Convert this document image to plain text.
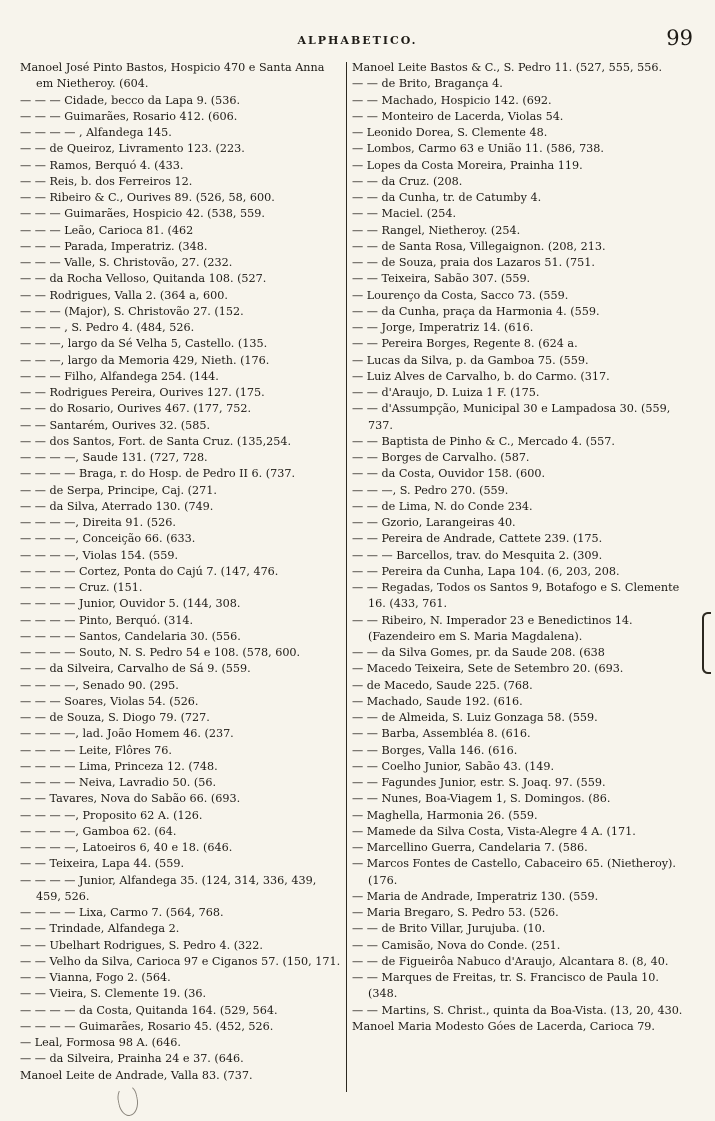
ALPHABETICO.	99
Manoel José Pinto Bastos, Hospicio 470 e Santa Anna em Nietheroy. (604.
— — — Cidade, becco da Lapa 9. (536.
— — — Guimarães, Rosario 412. (606.
— — — — , Alfandega 145.
— — de Queiroz, Livramento 123. (223.
— — Ramos, Berquó 4. (433.
— — Reis, b. dos Ferreiros 12.
— — Ribeiro & C., Ourives 89. (526, 58, 600.
— — — Guimarães, Hospicio 42. (538, 559.
— — — Leão, Carioca 81. (462
— — — Parada, Imperatriz. (348.
— — — Valle, S. Christovão, 27. (232.
— — da Rocha Velloso, Quitanda 108. (527.
— — Rodrigues, Valla 2. (364 a, 600.
— — — (Major), S. Christovão 27. (152.
— — — , S. Pedro 4. (484, 526.
— — —, largo da Sé Velha 5, Castello. (135.
— — —, largo da Memoria 429, Nieth. (176.
— — — Filho, Alfandega 254. (144.
— — Rodrigues Pereira, Ourives 127. (175.
— — do Rosario, Ourives 467. (177, 752.
— — Santarém, Ourives 32. (585.
— — dos Santos, Fort. de Santa Cruz. (135,254.
— — — —, Saude 131. (727, 728.
— — — — Braga, r. do Hosp. de Pedro II 6. (737.
— — de Serpa, Principe, Caj. (271.
— — da Silva, Aterrado 130. (749.
— — — —, Direita 91. (526.
— — — —, Conceição 66. (633.
— — — —, Violas 154. (559.
— — — — Cortez, Ponta do Cajú 7. (147, 476.
— — — — Cruz. (151.
— — — — Junior, Ouvidor 5. (144, 308.
— — — — Pinto, Berquó. (314.
— — — — Santos, Candelaria 30. (556.
— — — — Souto, N. S. Pedro 54 e 108. (578, 600.
— — da Silveira, Carvalho de Sá 9. (559.
— — — —, Senado 90. (295.
— — — Soares, Violas 54. (526.
— — de Souza, S. Diogo 79. (727.
— — — —, lad. João Homem 46. (237.
— — — — Leite, Flôres 76.
— — — — Lima, Princeza 12. (748.
— — — — Neiva, Lavradio 50. (56.
— — Tavares, Nova do Sabão 66. (693.
— — — —, Proposito 62 A. (126.
— — — —, Gamboa 62. (64.
— — — —, Latoeiros 6, 40 e 18. (646.
— — Teixeira, Lapa 44. (559.
— — — — Junior, Alfandega 35. (124, 314, 336, 439, 459, 526.
— — — — Lixa, Carmo 7. (564, 768.
— — Trindade, Alfandega 2.
— — Ubelhart Rodrigues, S. Pedro 4. (322.
— — Velho da Silva, Carioca 97 e Ciganos 57. (150, 171.
— — Vianna, Fogo 2. (564.
— — Vieira, S. Clemente 19. (36.
— — — — da Costa, Quitanda 164. (529, 564.
— — — — Guimarães, Rosario 45. (452, 526.
— Leal, Formosa 98 A. (646.
— — da Silveira, Prainha 24 e 37. (646.
Manoel Leite de Andrade, Valla 83. (737.
Manoel Leite Bastos & C., S. Pedro 11. (527, 555, 556.
— — de Brito, Bragança 4.
— — Machado, Hospicio 142. (692.
— — Monteiro de Lacerda, Violas 54.
— Leonido Dorea, S. Clemente 48.
— Lombos, Carmo 63 e União 11. (586, 738.
— Lopes da Costa Moreira, Prainha 119.
— — da Cruz. (208.
— — da Cunha, tr. de Catumby 4.
— — Maciel. (254.
— — Rangel, Nietheroy. (254.
— — de Santa Rosa, Villegaignon. (208, 213.
— — de Souza, praia dos Lazaros 51. (751.
— — Teixeira, Sabão 307. (559.
— Lourenço da Costa, Sacco 73. (559.
— — da Cunha, praça da Harmonia 4. (559.
— — Jorge, Imperatriz 14. (616.
— — Pereira Borges, Regente 8. (624 a.
— Lucas da Silva, p. da Gamboa 75. (559.
— Luiz Alves de Carvalho, b. do Carmo. (317.
— — d'Araujo, D. Luiza 1 F. (175.
— — d'Assumpção, Municipal 30 e Lampadosa 30. (559, 737.
— — Baptista de Pinho & C., Mercado 4. (557.
— — Borges de Carvalho. (587.
— — da Costa, Ouvidor 158. (600.
— — —, S. Pedro 270. (559.
— — de Lima, N. do Conde 234.
— — Gzorio, Larangeiras 40.
— — Pereira de Andrade, Cattete 239. (175.
— — — Barcellos, trav. do Mesquita 2. (309.
— — Pereira da Cunha, Lapa 104. (6, 203, 208.
— — Regadas, Todos os Santos 9, Botafogo e S. Clemente 16. (433, 761.
— — Ribeiro, N. Imperador 23 e Benedictinos 14. (Fazendeiro em S. Maria Magdalena).
— — da Silva Gomes, pr. da Saude 208. (638
— Macedo Teixeira, Sete de Setembro 20. (693.
— de Macedo, Saude 225. (768.
— Machado, Saude 192. (616.
— — de Almeida, S. Luiz Gonzaga 58. (559.
— — Barba, Assembléa 8. (616.
— — Borges, Valla 146. (616.
— — Coelho Junior, Sabão 43. (149.
— — Fagundes Junior, estr. S. Joaq. 97. (559.
— — Nunes, Boa-Viagem 1, S. Domingos. (86.
— Maghella, Harmonia 26. (559.
— Mamede da Silva Costa, Vista-Alegre 4 A. (171.
— Marcellino Guerra, Candelaria 7. (586.
— Marcos Fontes de Castello, Cabaceiro 65. (Nietheroy). (176.
— Maria de Andrade, Imperatriz 130. (559.
— Maria Bregaro, S. Pedro 53. (526.
— — de Brito Villar, Jurujuba. (10.
— — Camisão, Nova do Conde. (251.
— — de Figueirôa Nabuco d'Araujo, Alcantara 8. (8, 40.
— — Marques de Freitas, tr. S. Francisco de Paula 10. (348.
— — Martins, S. Christ., quinta da Boa-Vista. (13, 20, 430.
Manoel Maria Modesto Góes de Lacerda, Carioca 79.
